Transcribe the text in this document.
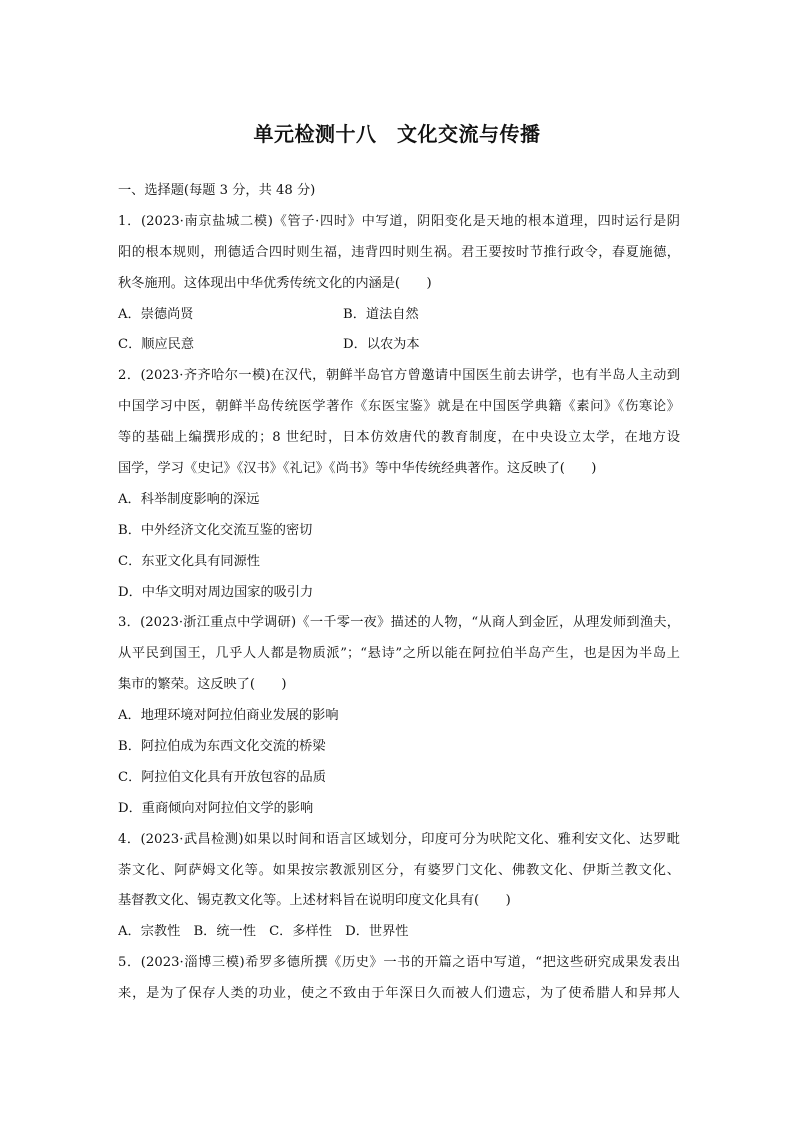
单元检测十八　文化交流与传播
一、选择题(每题 3 分，共 48 分)
1．(2023·南京盐城二模)《管子·四时》中写道，阴阳变化是天地的根本道理，四时运行是阴
阳的根本规则，刑德适合四时则生福，违背四时则生祸。君王要按时节推行政令，春夏施德，
秋冬施刑。这体现出中华优秀传统文化的内涵是(　　)
A．崇德尚贤	B．道法自然
C．顺应民意	D．以农为本
2．(2023·齐齐哈尔一模)在汉代，朝鲜半岛官方曾邀请中国医生前去讲学，也有半岛人主动到
中国学习中医，朝鲜半岛传统医学著作《东医宝鉴》就是在中国医学典籍《素问》《伤寒论》
等的基础上编撰形成的；8 世纪时，日本仿效唐代的教育制度，在中央设立太学，在地方设
国学，学习《史记》《汉书》《礼记》《尚书》等中华传统经典著作。这反映了(　　)
A．科举制度影响的深远
B．中外经济文化交流互鉴的密切
C．东亚文化具有同源性
D．中华文明对周边国家的吸引力
3．(2023·浙江重点中学调研)《一千零一夜》描述的人物，“从商人到金匠，从理发师到渔夫，
从平民到国王，几乎人人都是物质派”；“悬诗”之所以能在阿拉伯半岛产生，也是因为半岛上
集市的繁荣。这反映了(　　)
A．地理环境对阿拉伯商业发展的影响
B．阿拉伯成为东西文化交流的桥梁
C．阿拉伯文化具有开放包容的品质
D．重商倾向对阿拉伯文学的影响
4．(2023·武昌检测)如果以时间和语言区域划分，印度可分为吠陀文化、雅利安文化、达罗毗
荼文化、阿萨姆文化等。如果按宗教派别区分，有婆罗门文化、佛教文化、伊斯兰教文化、
基督教文化、锡克教文化等。上述材料旨在说明印度文化具有(　　)
A．宗教性　B．统一性　C．多样性　D．世界性
5．(2023·淄博三模)希罗多德所撰《历史》一书的开篇之语中写道，“把这些研究成果发表出
来，是为了保存人类的功业，使之不致由于年深日久而被人们遗忘，为了使希腊人和异邦人
